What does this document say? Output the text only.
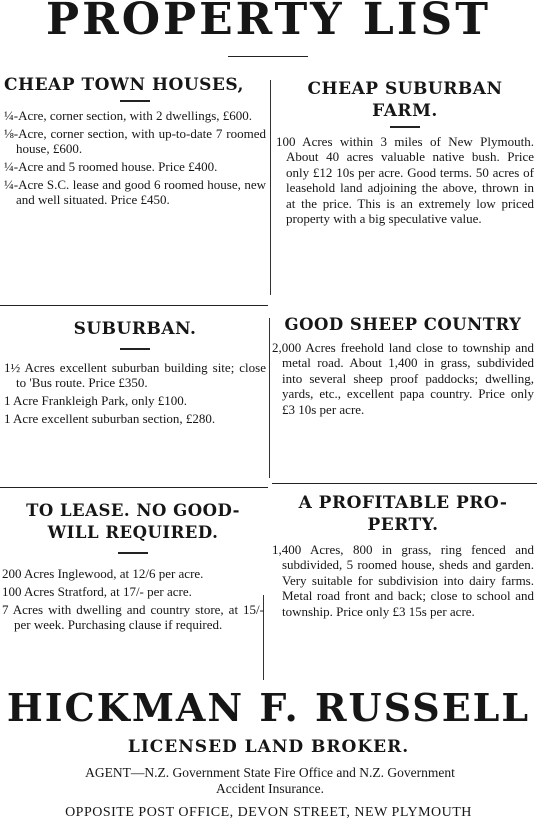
PROPERTY LIST
CHEAP TOWN HOUSES,
¼-Acre, corner section, with 2 dwellings, £600.
⅛-Acre, corner section, with up-to-date 7 roomed house, £600.
¼-Acre and 5 roomed house. Price £400.
¼-Acre S.C. lease and good 6 roomed house, new and well situated. Price £450.
CHEAP SUBURBAN
FARM.

100 Acres within 3 miles of New Plymouth. About 40 acres valuable native bush. Price only £12 10s per acre. Good terms. 50 acres of leasehold land adjoining the above, thrown in at the price. This is an extremely low priced property with a big speculative value.

SUBURBAN.
1½ Acres excellent suburban building site; close to 'Bus route. Price £350.
1 Acre Frankleigh Park, only £100.
1 Acre excellent suburban section, £280.
GOOD SHEEP COUNTRY

2,000 Acres freehold land close to township and metal road. About 1,400 in grass, subdivided into several sheep proof paddocks; dwelling, yards, etc., excellent papa country. Price only £3 10s per acre.

TO LEASE. NO GOOD-
WILL REQUIRED.
200 Acres Inglewood, at 12/6 per acre.
100 Acres Stratford, at 17/- per acre.
7 Acres with dwelling and country store, at 15/- per week. Purchasing clause if required.
A PROFITABLE PRO-
PERTY.

1,400 Acres, 800 in grass, ring fenced and subdivided, 5 roomed house, sheds and garden. Very suitable for subdivision into dairy farms. Metal road front and back; close to school and township. Price only £3 15s per acre.

HICKMAN F. RUSSELL
LICENSED LAND BROKER.
AGENT—N.Z. Government State Fire Office and N.Z. Government
Accident Insurance.
OPPOSITE POST OFFICE, DEVON STREET, NEW PLYMOUTH
